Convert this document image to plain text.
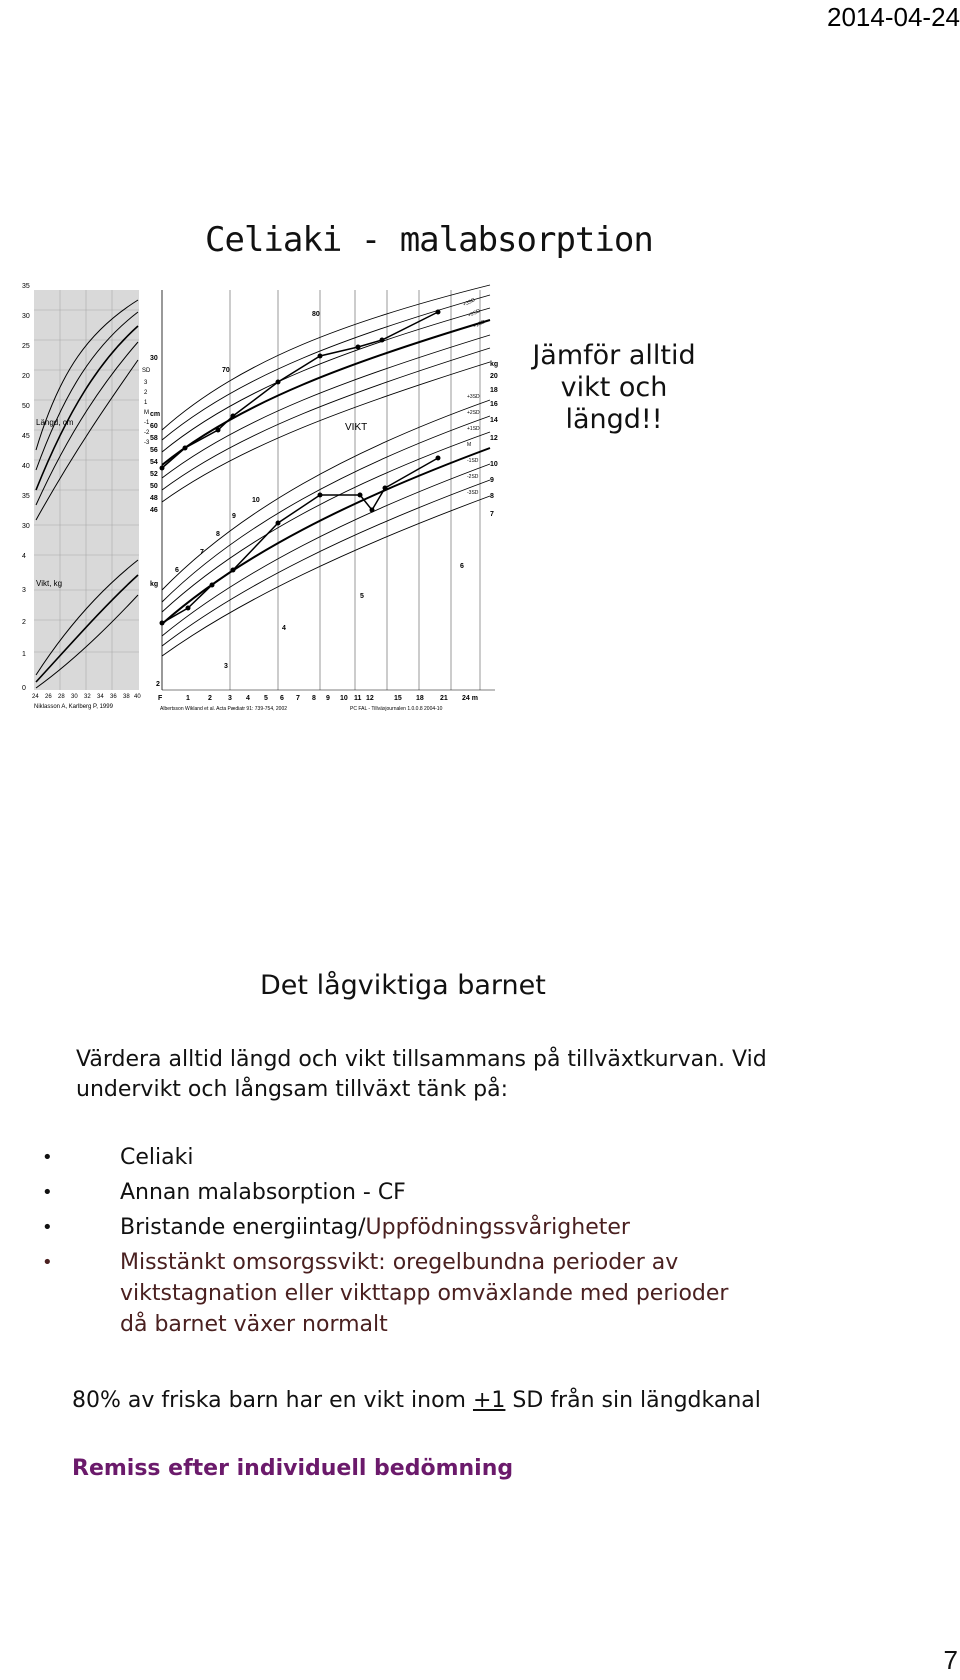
2014-04-24
Celiaki - malabsorption
Längd, cm
Vikt, kg
Niklasson A, Karlberg P, 1999
35
30
25
20
50
45
40
35
30
4
3
2
1
0
24 26 28 30 32 34 36 38 40
SD
3
2
1
M
-1
-2
-3
VIKT
80
70
60
58
56
54
52
50
48
46
30
cm
10
9
8
7
6
5
4
3
kg
2
kg
20
18
16
14
12
10
9
8
7
6
+3SD
+2SD
+1SD
+3SD
+2SD
+1SD
M
-1SD
-2SD
-3SD
F	1	2 3 4 5 6 7 8 9 10 11 12	15 18 21 24 m
Albertsson Wikland et al. Acta Pædiatr 91: 739-754, 2002	PC FAL - Tillväxjournalen 1.0.0.8 2004-10
Jämför alltid vikt och längd!!
Det lågviktiga barnet
Värdera alltid längd och vikt tillsammans på tillväxtkurvan. Vid undervikt och långsam tillväxt tänk på:
•	Celiaki
•	Annan malabsorption - CF
•	Bristande energiintag/Uppfödningssvårigheter
•	Misstänkt omsorgssvikt: oregelbundna perioder av viktstagnation eller vikttapp omväxlande med perioder då barnet växer normalt
80% av friska barn har en vikt inom +1 SD från sin längdkanal
Remiss efter individuell bedömning
7
